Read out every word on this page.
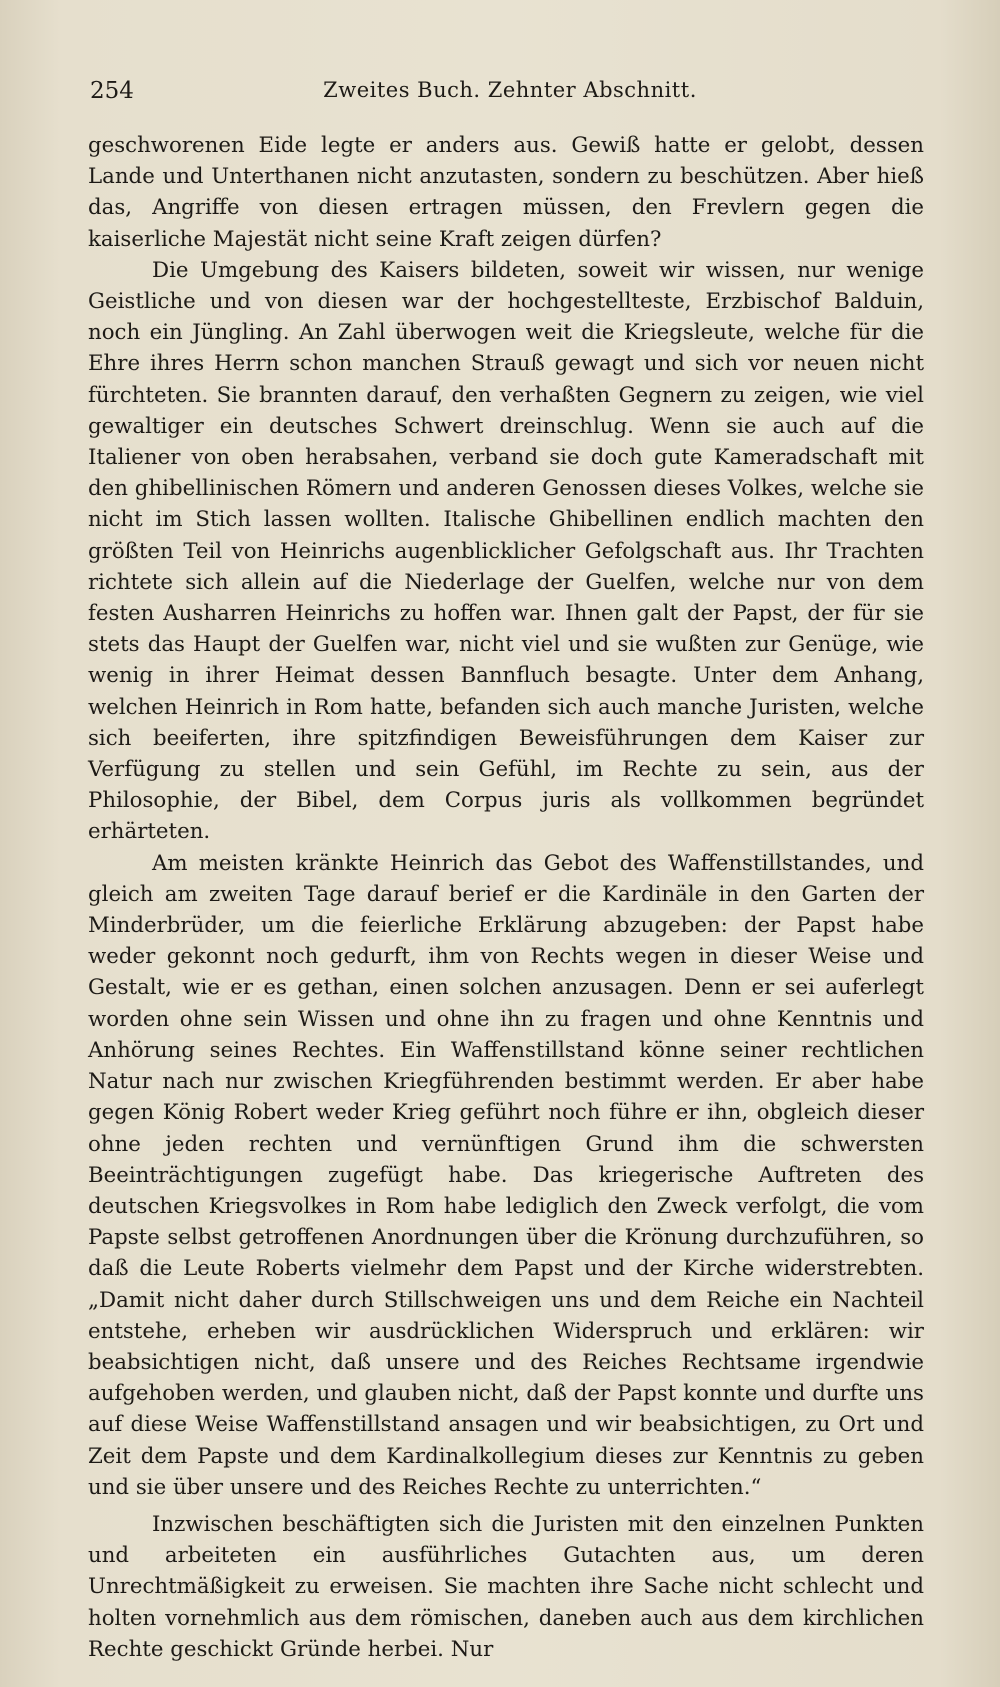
254	Zweites Buch. Zehnter Abschnitt.

geschworenen Eide legte er anders aus. Gewiß hatte er gelobt, dessen Lande und Unterthanen nicht anzutasten, sondern zu beschützen. Aber hieß das, Angriffe von diesen ertragen müssen, den Frevlern gegen die kaiserliche Majestät nicht seine Kraft zeigen dürfen?

Die Umgebung des Kaisers bildeten, soweit wir wissen, nur wenige Geistliche und von diesen war der hochgestellteste, Erzbischof Balduin, noch ein Jüngling. An Zahl überwogen weit die Kriegsleute, welche für die Ehre ihres Herrn schon manchen Strauß gewagt und sich vor neuen nicht fürchteten. Sie brannten darauf, den verhaßten Gegnern zu zeigen, wie viel gewaltiger ein deutsches Schwert dreinschlug. Wenn sie auch auf die Italiener von oben herabsahen, verband sie doch gute Kameradschaft mit den ghibellinischen Römern und anderen Genossen dieses Volkes, welche sie nicht im Stich lassen wollten. Italische Ghibellinen endlich machten den größten Teil von Heinrichs augenblicklicher Gefolgschaft aus. Ihr Trachten richtete sich allein auf die Niederlage der Guelfen, welche nur von dem festen Ausharren Heinrichs zu hoffen war. Ihnen galt der Papst, der für sie stets das Haupt der Guelfen war, nicht viel und sie wußten zur Genüge, wie wenig in ihrer Heimat dessen Bannfluch besagte. Unter dem Anhang, welchen Heinrich in Rom hatte, befanden sich auch manche Juristen, welche sich beeiferten, ihre spitzfindigen Beweisführungen dem Kaiser zur Verfügung zu stellen und sein Gefühl, im Rechte zu sein, aus der Philosophie, der Bibel, dem Corpus juris als vollkommen begründet erhärteten.

Am meisten kränkte Heinrich das Gebot des Waffenstillstandes, und gleich am zweiten Tage darauf berief er die Kardinäle in den Garten der Minderbrüder, um die feierliche Erklärung abzugeben: der Papst habe weder gekonnt noch gedurft, ihm von Rechts wegen in dieser Weise und Gestalt, wie er es gethan, einen solchen anzusagen. Denn er sei auferlegt worden ohne sein Wissen und ohne ihn zu fragen und ohne Kenntnis und Anhörung seines Rechtes. Ein Waffenstillstand könne seiner rechtlichen Natur nach nur zwischen Kriegführenden bestimmt werden. Er aber habe gegen König Robert weder Krieg geführt noch führe er ihn, obgleich dieser ohne jeden rechten und vernünftigen Grund ihm die schwersten Beeinträchtigungen zugefügt habe. Das kriegerische Auftreten des deutschen Kriegsvolkes in Rom habe lediglich den Zweck verfolgt, die vom Papste selbst getroffenen Anordnungen über die Krönung durchzuführen, so daß die Leute Roberts vielmehr dem Papst und der Kirche widerstrebten. „Damit nicht daher durch Stillschweigen uns und dem Reiche ein Nachteil entstehe, erheben wir ausdrücklichen Widerspruch und erklären: wir beabsichtigen nicht, daß unsere und des Reiches Rechtsame irgendwie aufgehoben werden, und glauben nicht, daß der Papst konnte und durfte uns auf diese Weise Waffenstillstand ansagen und wir beabsichtigen, zu Ort und Zeit dem Papste und dem Kardinalkollegium dieses zur Kenntnis zu geben und sie über unsere und des Reiches Rechte zu unterrichten.“

Inzwischen beschäftigten sich die Juristen mit den einzelnen Punkten und arbeiteten ein ausführliches Gutachten aus, um deren Unrechtmäßigkeit zu erweisen. Sie machten ihre Sache nicht schlecht und holten vornehmlich aus dem römischen, daneben auch aus dem kirchlichen Rechte geschickt Gründe herbei. Nur
